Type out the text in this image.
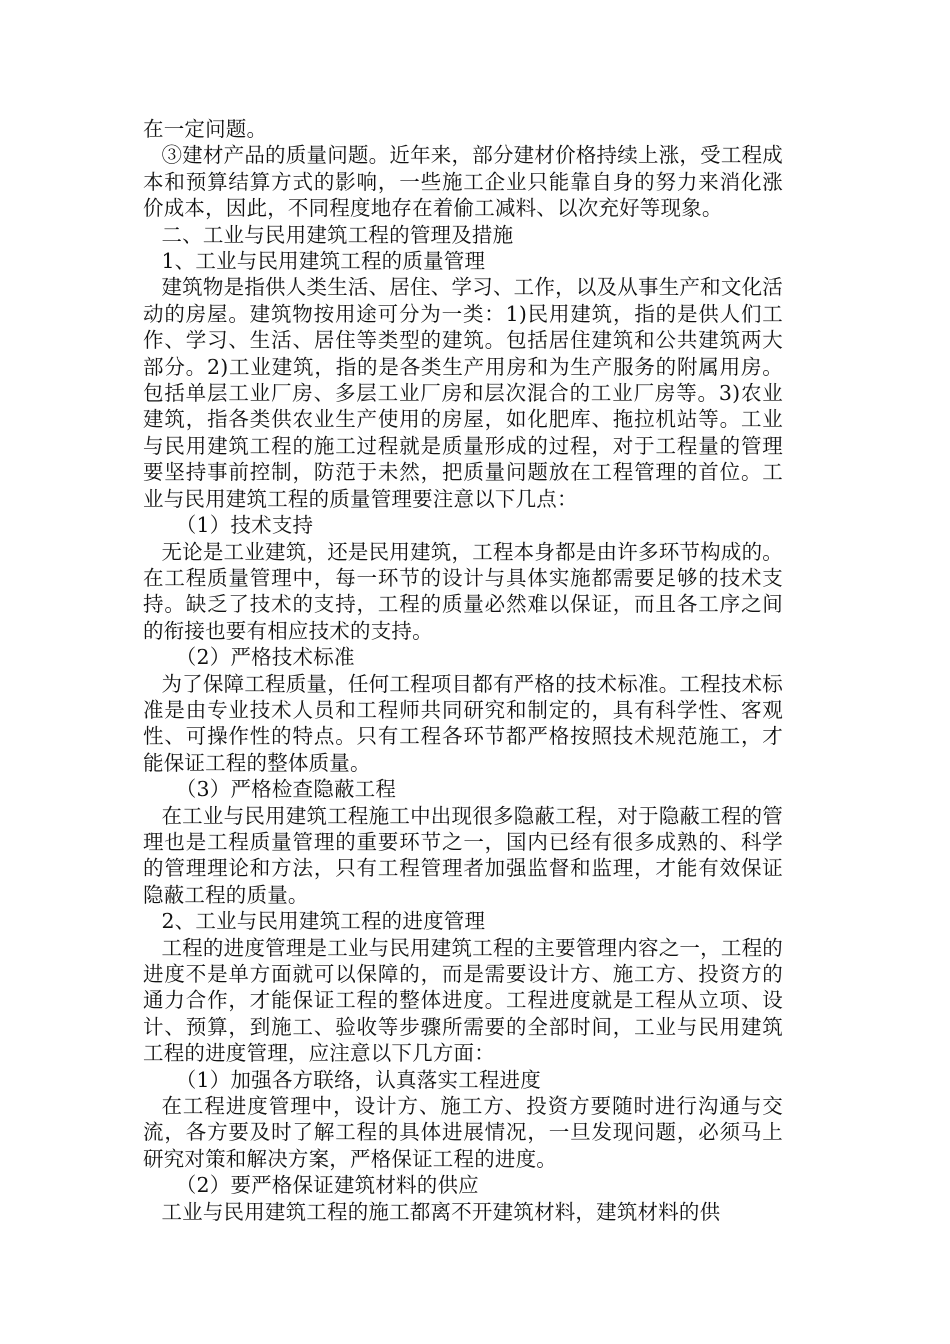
在一定问题。

③建材产品的质量问题。近年来，部分建材价格持续上涨，受工程成本和预算结算方式的影响，一些施工企业只能靠自身的努力来消化涨价成本，因此，不同程度地存在着偷工减料、以次充好等现象。

二、工业与民用建筑工程的管理及措施

1、工业与民用建筑工程的质量管理

建筑物是指供人类生活、居住、学习、工作，以及从事生产和文化活动的房屋。建筑物按用途可分为一类：1)民用建筑，指的是供人们工作、学习、生活、居住等类型的建筑。包括居住建筑和公共建筑两大部分。2)工业建筑，指的是各类生产用房和为生产服务的附属用房。包括单层工业厂房、多层工业厂房和层次混合的工业厂房等。3)农业建筑，指各类供农业生产使用的房屋，如化肥库、拖拉机站等。工业与民用建筑工程的施工过程就是质量形成的过程，对于工程量的管理要坚持事前控制，防范于未然，把质量问题放在工程管理的首位。工业与民用建筑工程的质量管理要注意以下几点：

（1）技术支持

无论是工业建筑，还是民用建筑，工程本身都是由许多环节构成的。在工程质量管理中，每一环节的设计与具体实施都需要足够的技术支持。缺乏了技术的支持，工程的质量必然难以保证，而且各工序之间的衔接也要有相应技术的支持。

（2）严格技术标准

为了保障工程质量，任何工程项目都有严格的技术标准。工程技术标准是由专业技术人员和工程师共同研究和制定的，具有科学性、客观性、可操作性的特点。只有工程各环节都严格按照技术规范施工，才能保证工程的整体质量。

（3）严格检查隐蔽工程

在工业与民用建筑工程施工中出现很多隐蔽工程，对于隐蔽工程的管理也是工程质量管理的重要环节之一，国内已经有很多成熟的、科学的管理理论和方法，只有工程管理者加强监督和监理，才能有效保证隐蔽工程的质量。

2、工业与民用建筑工程的进度管理

工程的进度管理是工业与民用建筑工程的主要管理内容之一，工程的进度不是单方面就可以保障的，而是需要设计方、施工方、投资方的通力合作，才能保证工程的整体进度。工程进度就是工程从立项、设计、预算，到施工、验收等步骤所需要的全部时间，工业与民用建筑工程的进度管理，应注意以下几方面：

（1）加强各方联络，认真落实工程进度

在工程进度管理中，设计方、施工方、投资方要随时进行沟通与交流，各方要及时了解工程的具体进展情况，一旦发现问题，必须马上研究对策和解决方案，严格保证工程的进度。

（2）要严格保证建筑材料的供应

工业与民用建筑工程的施工都离不开建筑材料，建筑材料的供
